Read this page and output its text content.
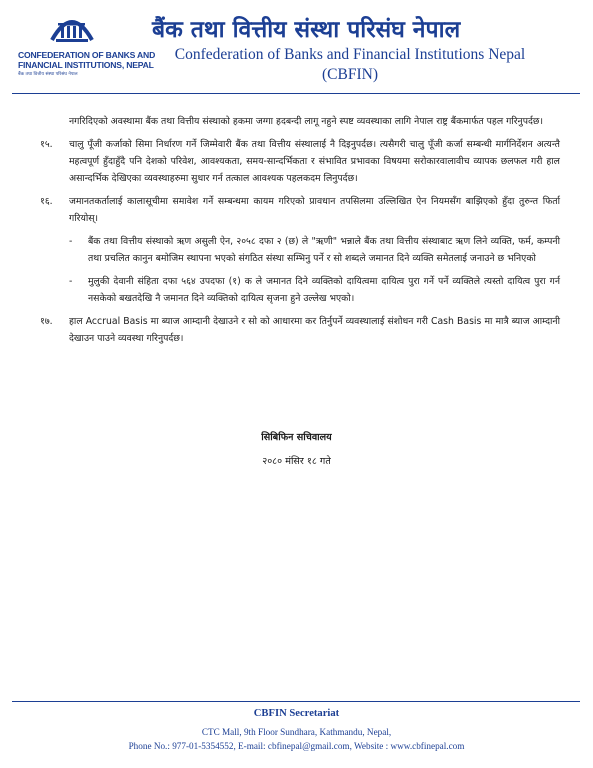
CONFEDERATION OF BANKS AND
FINANCIAL INSTITUTIONS, NEPAL
बैंक तथा वित्तीय संस्था परिसंघ नेपाल
बैंक तथा वित्तीय संस्था परिसंघ नेपाल
Confederation of Banks and Financial Institutions Nepal
(CBFIN)

नगरिदिएको अवस्थामा बैंक तथा वित्तीय संस्थाको हकमा जग्गा हदबन्दी लागू नहुने स्पष्ट व्यवस्थाका लागि नेपाल राष्ट्र बैंकमार्फत पहल गरिनुपर्दछ।

१५.	चालु पूँजी कर्जाको सिमा निर्धारण गर्ने जिम्मेवारी बैंक तथा वित्तीय संस्थालाई नै दिइनुपर्दछ। त्यसैगरी चालु पूँजी कर्जा सम्बन्धी मार्गनिर्देशन अत्यन्तै महत्वपूर्ण हुँदाहुँदै पनि देशको परिवेश, आवश्यकता, समय-सान्दर्भिकता र संभावित प्रभावका विषयमा सरोकारवालावीच व्यापक छलफल गरी हाल असान्दर्भिक देखिएका व्यवस्थाहरुमा सुधार गर्न तत्काल आवश्यक पहलकदम लिनुपर्दछ।
१६.	जमानतकर्तालाई कालासूचीमा समावेश गर्ने सम्बन्धमा कायम गरिएको प्रावधान तपसिलमा उल्लिखित ऐन नियमसँग बाझिएको हुँदा तुरुन्त फिर्ता गरियोस्।
-	बैंक तथा वित्तीय संस्थाको ऋण असुली ऐन, २०५८ दफा २ (छ) ले "ऋणी" भन्नाले बैंक तथा वित्तीय संस्थाबाट ऋण लिने व्यक्ति, फर्म, कम्पनी तथा प्रचलित कानुन बमोजिम स्थापना भएको संगठित संस्था सम्भिनु पर्ने र सो शब्दले जमानत दिने व्यक्ति समेतलाई जनाउने छ भनिएको
-	मुलुकी देवानी संहिता दफा ५६४ उपदफा (१) क ले जमानत दिने व्यक्तिको दायित्वमा दायित्व पुरा गर्ने पर्ने व्यक्तिले त्यस्तो दायित्व पुरा गर्न नसकेको बखतदेखि नै जमानत दिने व्यक्तिको दायित्व सृजना हुने उल्लेख भएको।
१७.	हाल Accrual Basis मा ब्याज आम्दानी देखाउने र सो को आधारमा कर तिर्नुपर्ने व्यवस्थालाई संशोधन गरी Cash Basis मा मात्रै ब्याज आम्दानी देखाउन पाउने व्यवस्था गरिनुपर्दछ।
सिबिफिन सचिवालय
२०८० मंसिर १८ गते
CBFIN Secretariat
CTC Mall, 9th Floor Sundhara, Kathmandu, Nepal,
Phone No.: 977-01-5354552, E-mail: cbfinepal@gmail.com, Website : www.cbfinepal.com
